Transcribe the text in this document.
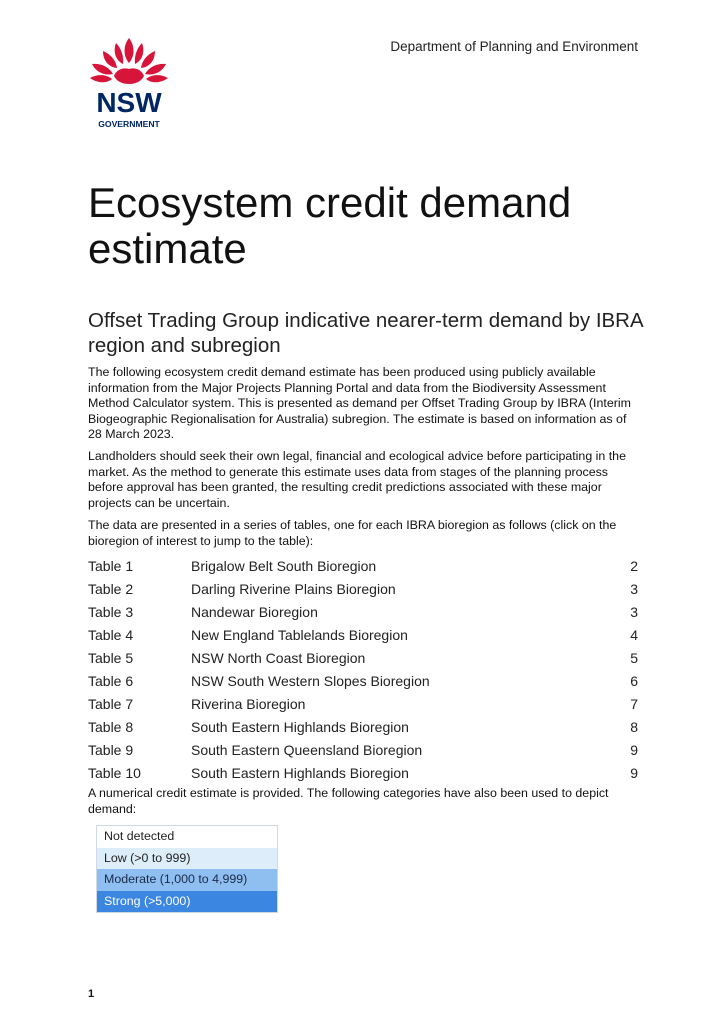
NSW
GOVERNMENT
Department of Planning and Environment
Ecosystem credit demand estimate
Offset Trading Group indicative nearer-term demand by IBRA region and subregion

The following ecosystem credit demand estimate has been produced using publicly available information from the Major Projects Planning Portal and data from the Biodiversity Assessment Method Calculator system. This is presented as demand per Offset Trading Group by IBRA (Interim Biogeographic Regionalisation for Australia) subregion. The estimate is based on information as of 28 March 2023.

Landholders should seek their own legal, financial and ecological advice before participating in the market. As the method to generate this estimate uses data from stages of the planning process before approval has been granted, the resulting credit predictions associated with these major projects can be uncertain.

The data are presented in a series of tables, one for each IBRA bioregion as follows (click on the bioregion of interest to jump to the table):

Table 1	Brigalow Belt South Bioregion	2
Table 2	Darling Riverine Plains Bioregion	3
Table 3	Nandewar Bioregion	3
Table 4	New England Tablelands Bioregion	4
Table 5	NSW North Coast Bioregion	5
Table 6	NSW South Western Slopes Bioregion	6
Table 7	Riverina Bioregion	7
Table 8	South Eastern Highlands Bioregion	8
Table 9	South Eastern Queensland Bioregion	9
Table 10	South Eastern Highlands Bioregion	9

A numerical credit estimate is provided. The following categories have also been used to depict demand:

Not detected
Low (>0 to 999)
Moderate (1,000 to 4,999)
Strong (>5,000)
1
